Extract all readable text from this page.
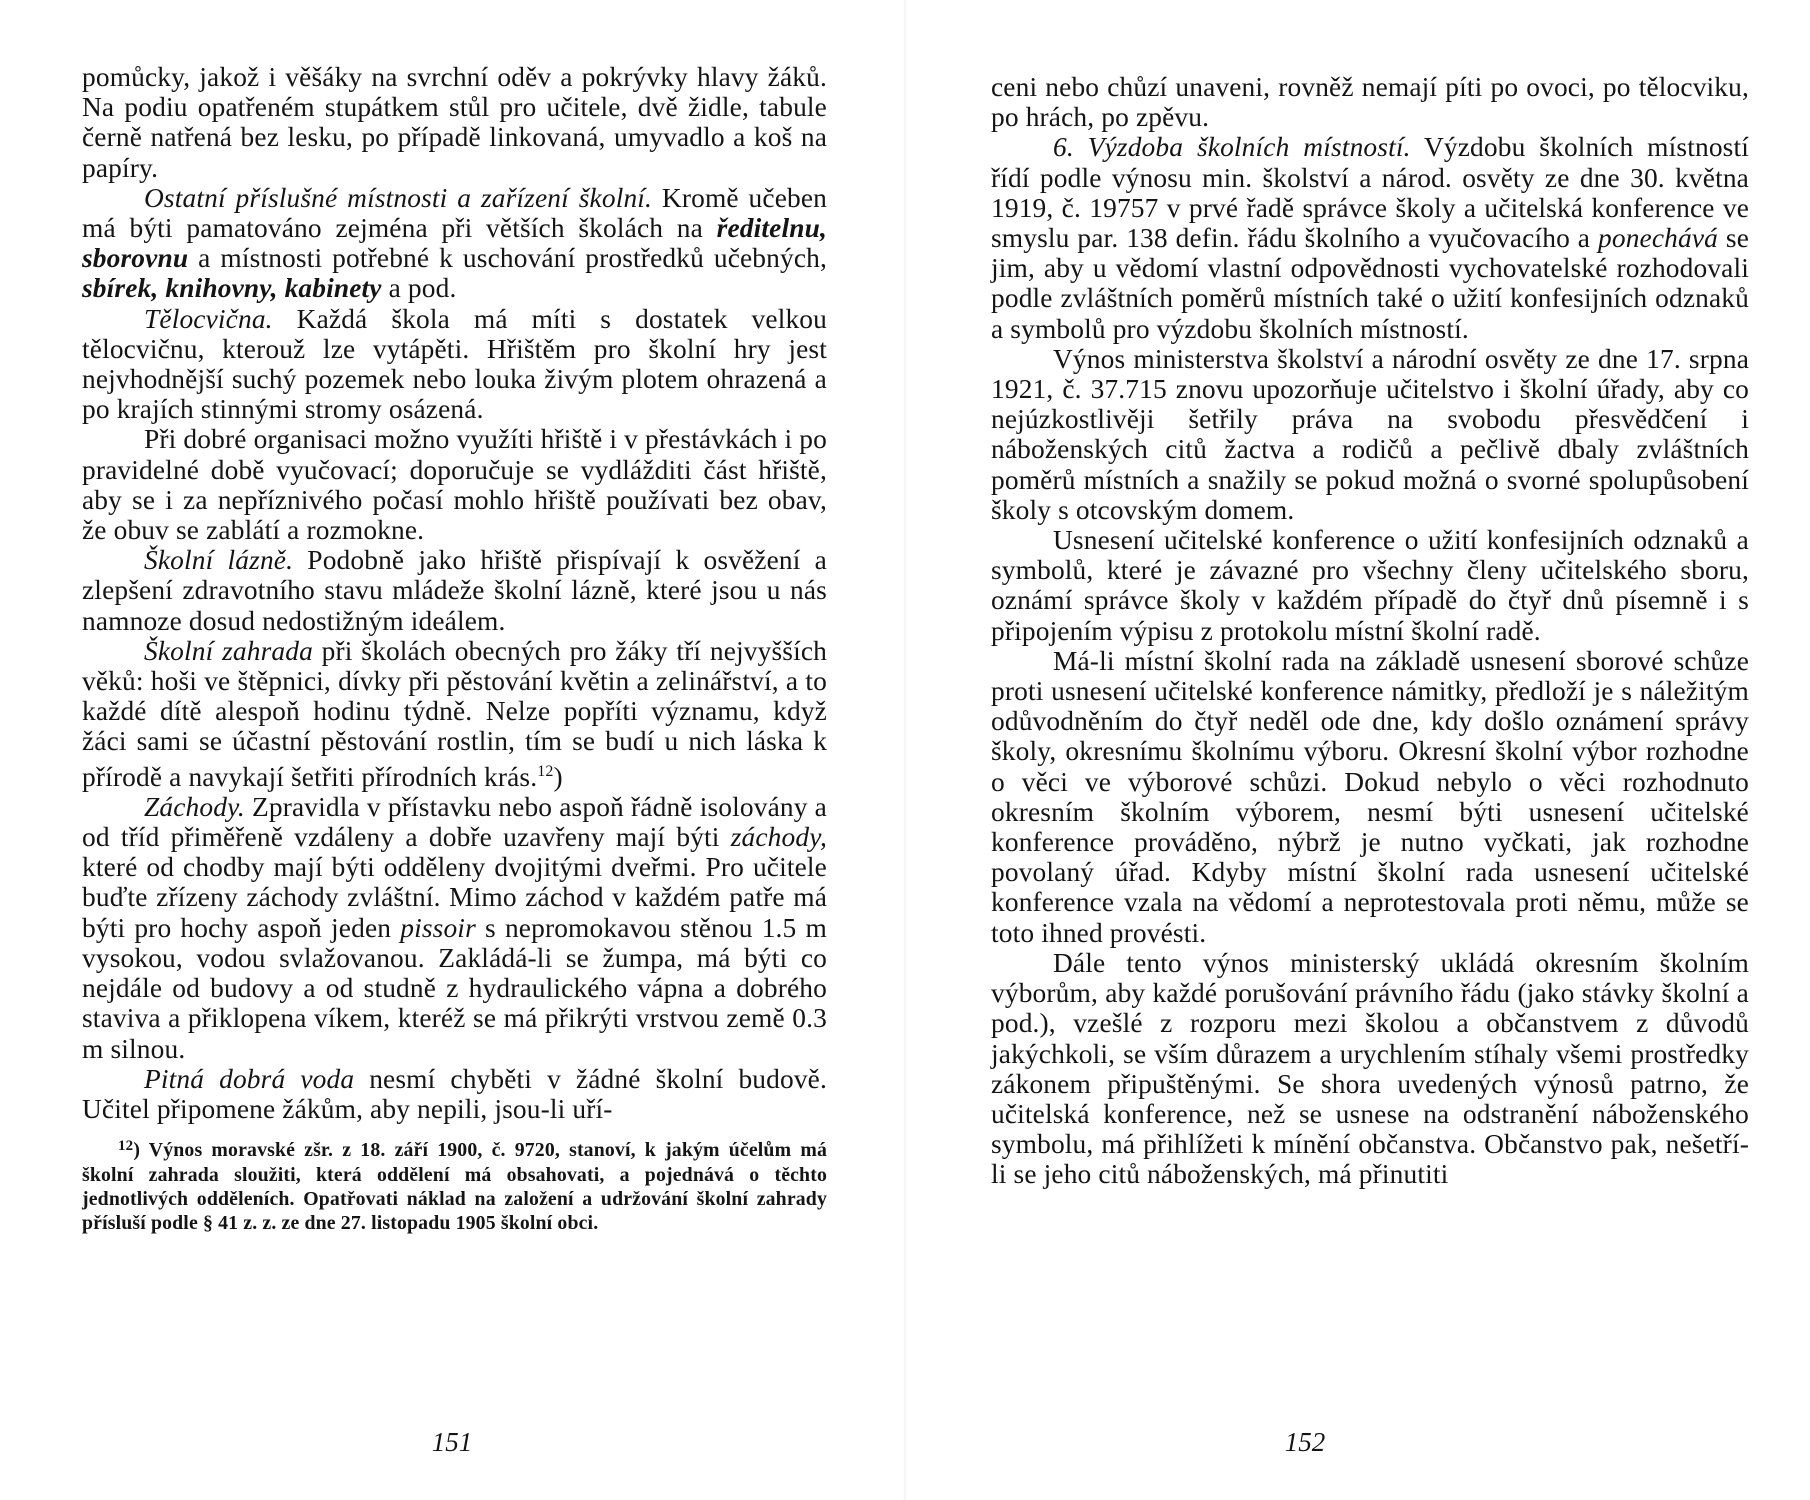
pomůcky, jakož i věšáky na svrchní oděv a pokrývky hlavy žáků. Na podiu opatřeném stupátkem stůl pro učitele, dvě židle, tabule černě natřená bez lesku, po případě linkovaná, umyvadlo a koš na papíry.

Ostatní příslušné místnosti a zařízení školní. Kromě učeben má býti pamatováno zejména při větších školách na ředitelnu, sborovnu a místnosti potřebné k uschování prostředků učebných, sbírek, knihovny, kabinety a pod.

Tělocvična. Každá škola má míti s dostatek velkou tělocvičnu, kterouž lze vytápěti. Hřištěm pro školní hry jest nejvhodnější suchý pozemek nebo louka živým plotem ohrazená a po krajích stinnými stromy osázená.

Při dobré organisaci možno využíti hřiště i v přestávkách i po pravidelné době vyučovací; doporučuje se vydlážditi část hřiště, aby se i za nepříznivého počasí mohlo hřiště používati bez obav, že obuv se zablátí a rozmokne.

Školní lázně. Podobně jako hřiště přispívají k osvěžení a zlepšení zdravotního stavu mládeže školní lázně, které jsou u nás namnoze dosud nedostižným ideálem.

Školní zahrada při školách obecných pro žáky tří nejvyšších věků: hoši ve štěpnici, dívky při pěstování květin a zelinářství, a to každé dítě alespoň hodinu týdně. Nelze popříti významu, když žáci sami se účastní pěstování rostlin, tím se budí u nich láska k přírodě a navykají šetřiti přírodních krás.$^{12}$)

Záchody. Zpravidla v přístavku nebo aspoň řádně isolovány a od tříd přiměřeně vzdáleny a dobře uzavřeny mají býti záchody, které od chodby mají býti odděleny dvojitými dveřmi. Pro učitele buďte zřízeny záchody zvláštní. Mimo záchod v každém patře má býti pro hochy aspoň jeden pissoir s nepromokavou stěnou 1.5 m vysokou, vodou svlažovanou. Zakládá-li se žumpa, má býti co nejdále od budovy a od studně z hydraulického vápna a dobrého staviva a přiklopena víkem, kteréž se má přikrýti vrstvou země 0.3 m silnou.

Pitná dobrá voda nesmí chyběti v žádné školní budově. Učitel připomene žákům, aby nepili, jsou-li uří-

$^{12}$) Výnos moravské zšr. z 18. září 1900, č. 9720, stanoví, k jakým účelům má školní zahrada sloužiti, která oddělení má obsahovati, a pojednává o těchto jednotlivých odděleních. Opatřovati náklad na založení a udržování školní zahrady přísluší podle § 41 z. z. ze dne 27. listopadu 1905 školní obci.

151

ceni nebo chůzí unaveni, rovněž nemají píti po ovoci, po tělocviku, po hrách, po zpěvu.

6. Výzdoba školních místností. Výzdobu školních místností řídí podle výnosu min. školství a národ. osvěty ze dne 30. května 1919, č. 19757 v prvé řadě správce školy a učitelská konference ve smyslu par. 138 defin. řádu školního a vyučovacího a ponechává se jim, aby u vědomí vlastní odpovědnosti vychovatelské rozhodovali podle zvláštních poměrů místních také o užití konfesijních odznaků a symbolů pro výzdobu školních místností.

Výnos ministerstva školství a národní osvěty ze dne 17. srpna 1921, č. 37.715 znovu upozorňuje učitelstvo i školní úřady, aby co nejúzkostlivěji šetřily práva na svobodu přesvědčení i náboženských citů žactva a rodičů a pečlivě dbaly zvláštních poměrů místních a snažily se pokud možná o svorné spolupůsobení školy s otcovským domem.

Usnesení učitelské konference o užití konfesijních odznaků a symbolů, které je závazné pro všechny členy učitelského sboru, oznámí správce školy v každém případě do čtyř dnů písemně i s připojením výpisu z protokolu místní školní radě.

Má-li místní školní rada na základě usnesení sborové schůze proti usnesení učitelské konference námitky, předloží je s náležitým odůvodněním do čtyř neděl ode dne, kdy došlo oznámení správy školy, okresnímu školnímu výboru. Okresní školní výbor rozhodne o věci ve výborové schůzi. Dokud nebylo o věci rozhodnuto okresním školním výborem, nesmí býti usnesení učitelské konference prováděno, nýbrž je nutno vyčkati, jak rozhodne povolaný úřad. Kdyby místní školní rada usnesení učitelské konference vzala na vědomí a neprotestovala proti němu, může se toto ihned provésti.

Dále tento výnos ministerský ukládá okresním školním výborům, aby každé porušování právního řádu (jako stávky školní a pod.), vzešlé z rozporu mezi školou a občanstvem z důvodů jakýchkoli, se vším důrazem a urychlením stíhaly všemi prostředky zákonem připuštěnými. Se shora uvedených výnosů patrno, že učitelská konference, než se usnese na odstranění náboženského symbolu, má přihlížeti k mínění občanstva. Občanstvo pak, nešetří-li se jeho citů náboženských, má přinutiti

152
